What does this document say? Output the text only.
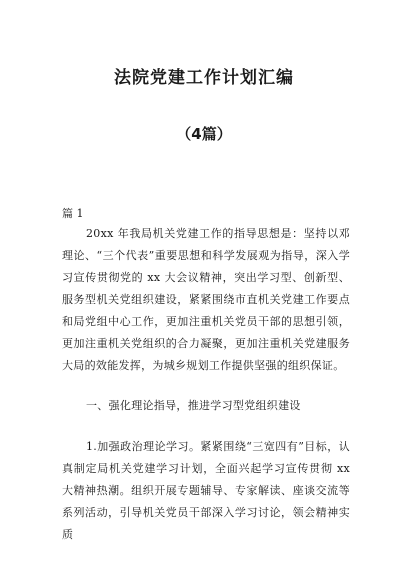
法院党建工作计划汇编
（4篇）
篇 1
20xx 年我局机关党建工作的指导思想是：坚持以邓理论、“三个代表”重要思想和科学发展观为指导，深入学习宣传贯彻党的 xx 大会议精神，突出学习型、创新型、服务型机关党组织建设，紧紧围绕市直机关党建工作要点和局党组中心工作，更加注重机关党员干部的思想引领，更加注重机关党组织的合力凝聚，更加注重机关党建服务大局的效能发挥，为城乡规划工作提供坚强的组织保证。
一、强化理论指导，推进学习型党组织建设
1.加强政治理论学习。紧紧围绕“三宽四有”目标，认真制定局机关党建学习计划，全面兴起学习宣传贯彻 xx 大精神热潮。组织开展专题辅导、专家解读、座谈交流等系列活动，引导机关党员干部深入学习讨论，领会精神实质
